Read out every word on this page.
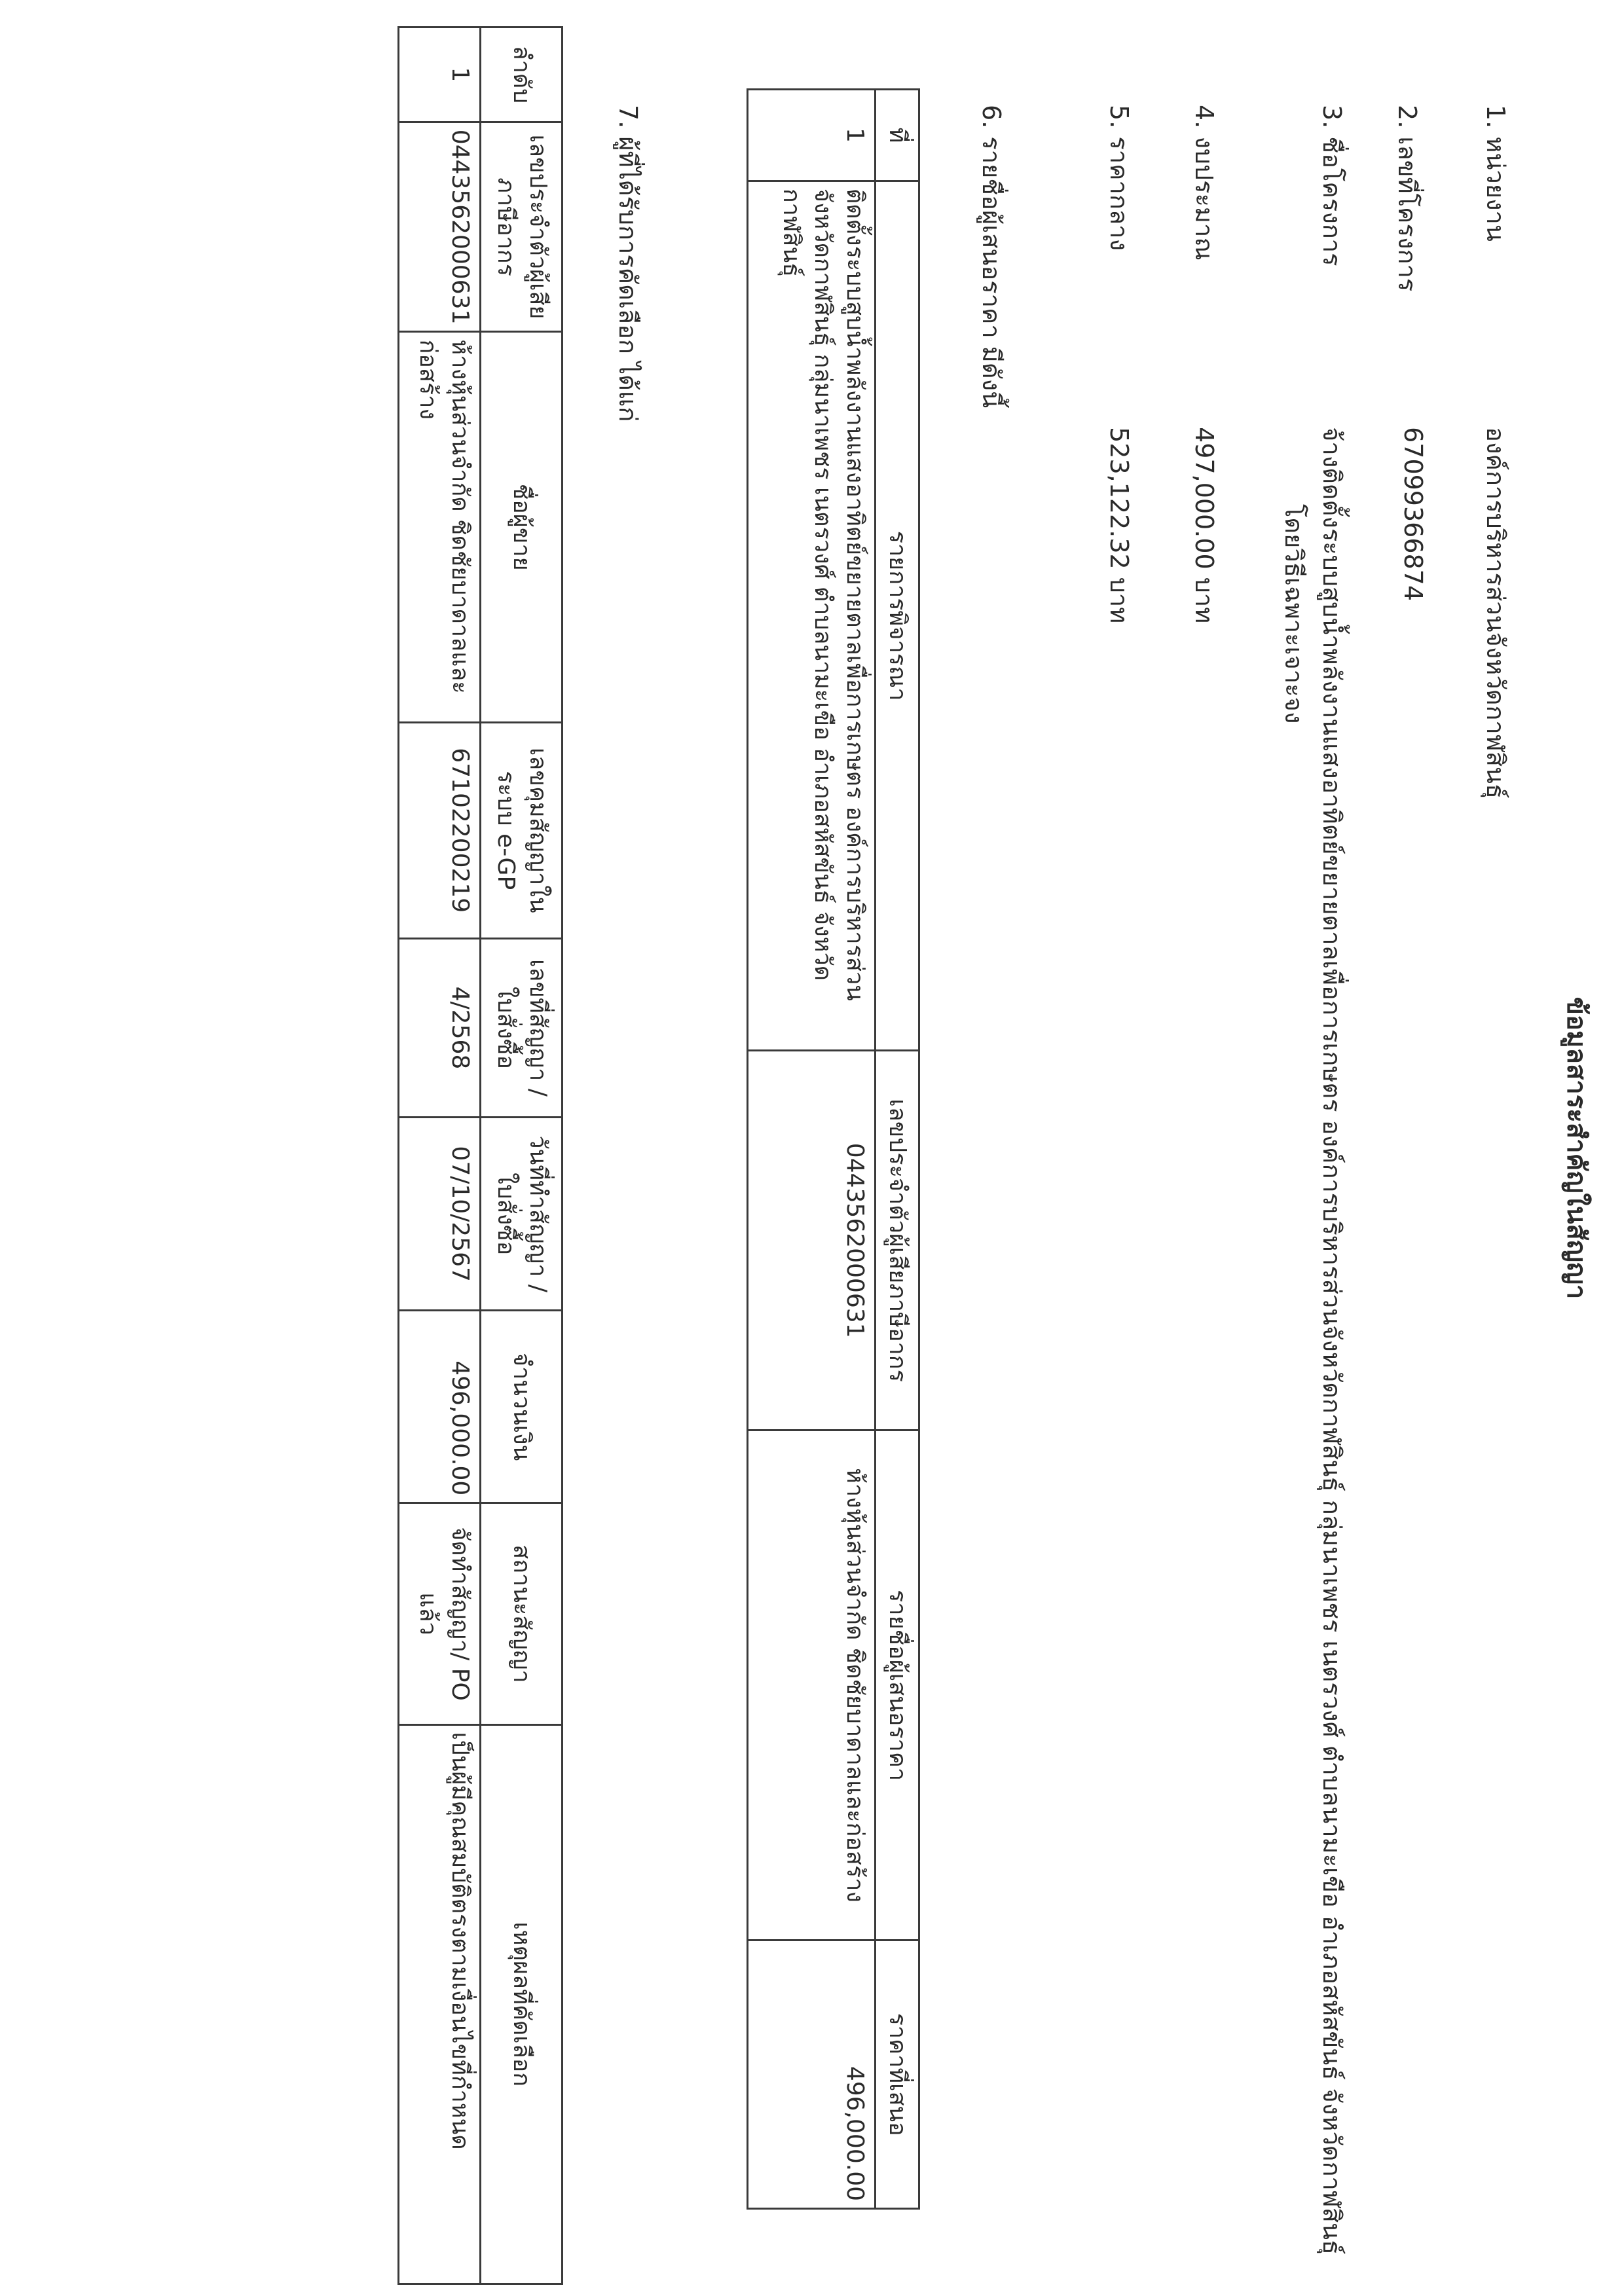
ข้อมูลสาระสำคัญในสัญญา
1. หน่วยงาน องค์การบริหารส่วนจังหวัดกาฬสินธุ์
2. เลขที่โครงการ 67099366874
3. ชื่อโครงการ จ้างติดตั้งระบบสูบน้ำพลังงานแสงอาทิตย์ขยายตาลเพื่อการเกษตร องค์การบริหารส่วนจังหวัดกาฬสินธุ์ กลุ่มนาเพชร เนตรวงศ์ ตำบลนามะเขือ อำเภอสหัสขันธ์ จังหวัดกาฬสินธุ์
โดยวิธีเฉพาะเจาะจง
4. งบประมาณ 497,000.00 บาท
5. ราคากลาง 523,122.32 บาท
6. รายชื่อผู้เสนอราคา มีดังนี้
ที่	รายการพิจารณา	เลขประจำตัวผู้เสียภาษีอากร	รายชื่อผู้เสนอราคา	ราคาที่เสนอ
1	ติดตั้งระบบสูบน้ำพลังงานแสงอาทิตย์ขยายตาลเพื่อการเกษตร องค์การบริหารส่วนจังหวัดกาฬสินธุ์ กลุ่มนาเพชร เนตรวงศ์ ตำบลนามะเขือ อำเภอสหัสขันธ์ จังหวัดกาฬสินธุ์	0443562000631	ห้างหุ้นส่วนจำกัด ชิดชัยบาดาลและก่อสร้าง	496,000.00
7. ผู้ที่ได้รับการคัดเลือก ได้แก่
ลำดับ	เลขประจำตัวผู้เสียภาษีอากร	ชื่อผู้ขาย	เลขคุมสัญญาในระบบ e-GP	เลขที่สัญญา / ใบสั่งซื้อ	วันที่ทำสัญญา / ใบสั่งซื้อ	จำนวนเงิน	สถานะสัญญา	เหตุผลที่คัดเลือก
1	0443562000631	ห้างหุ้นส่วนจำกัด ชิดชัยบาดาลและก่อสร้าง	67102200219	4/2568	07/10/2567	496,000.00	จัดทำสัญญา/ PO แล้ว	เป็นผู้มีคุณสมบัติตรงตามเงื่อนไขที่กำหนด
